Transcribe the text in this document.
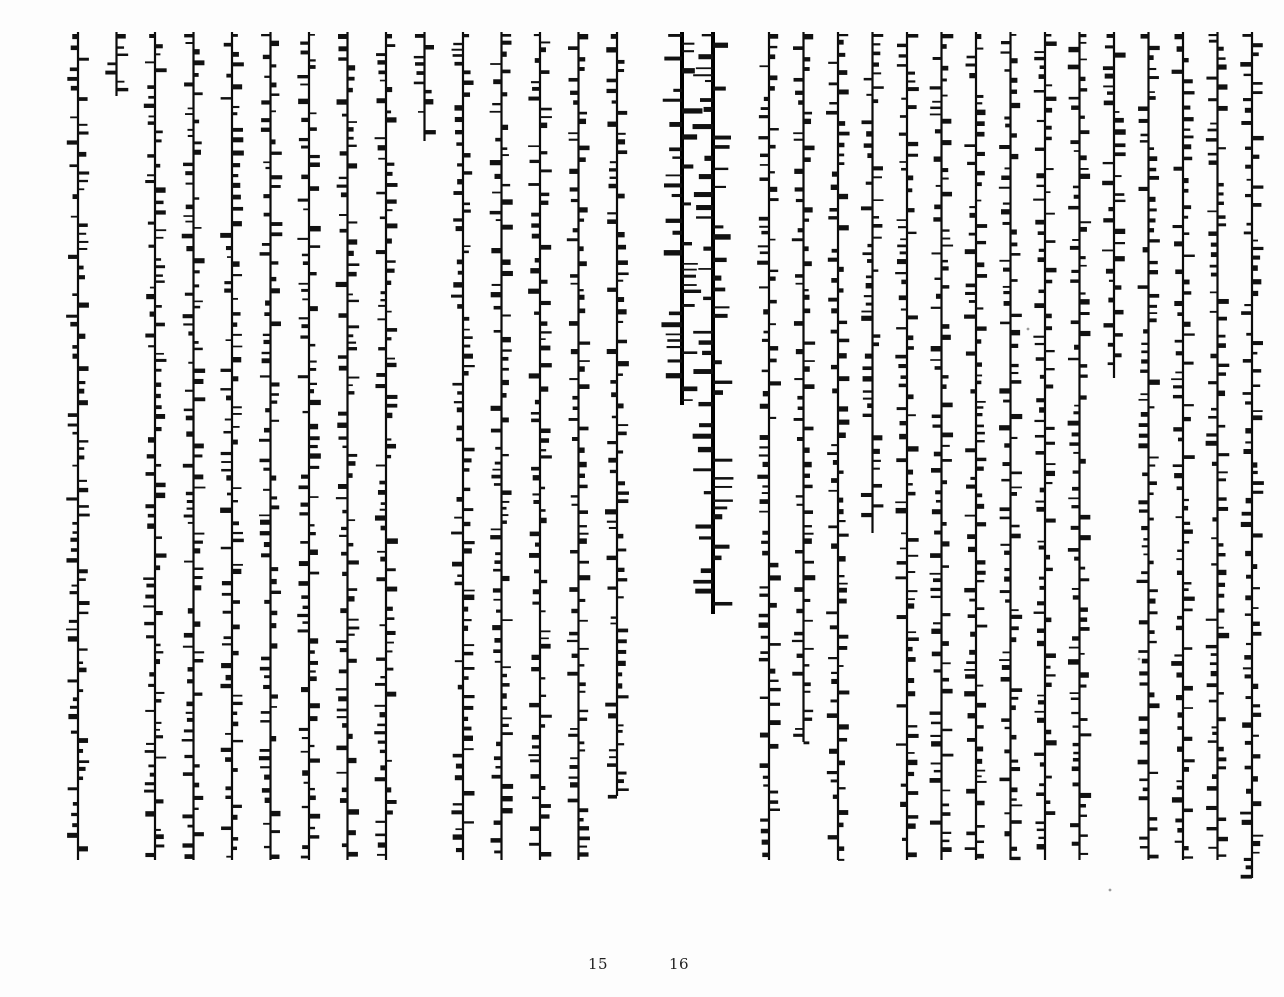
15	16
